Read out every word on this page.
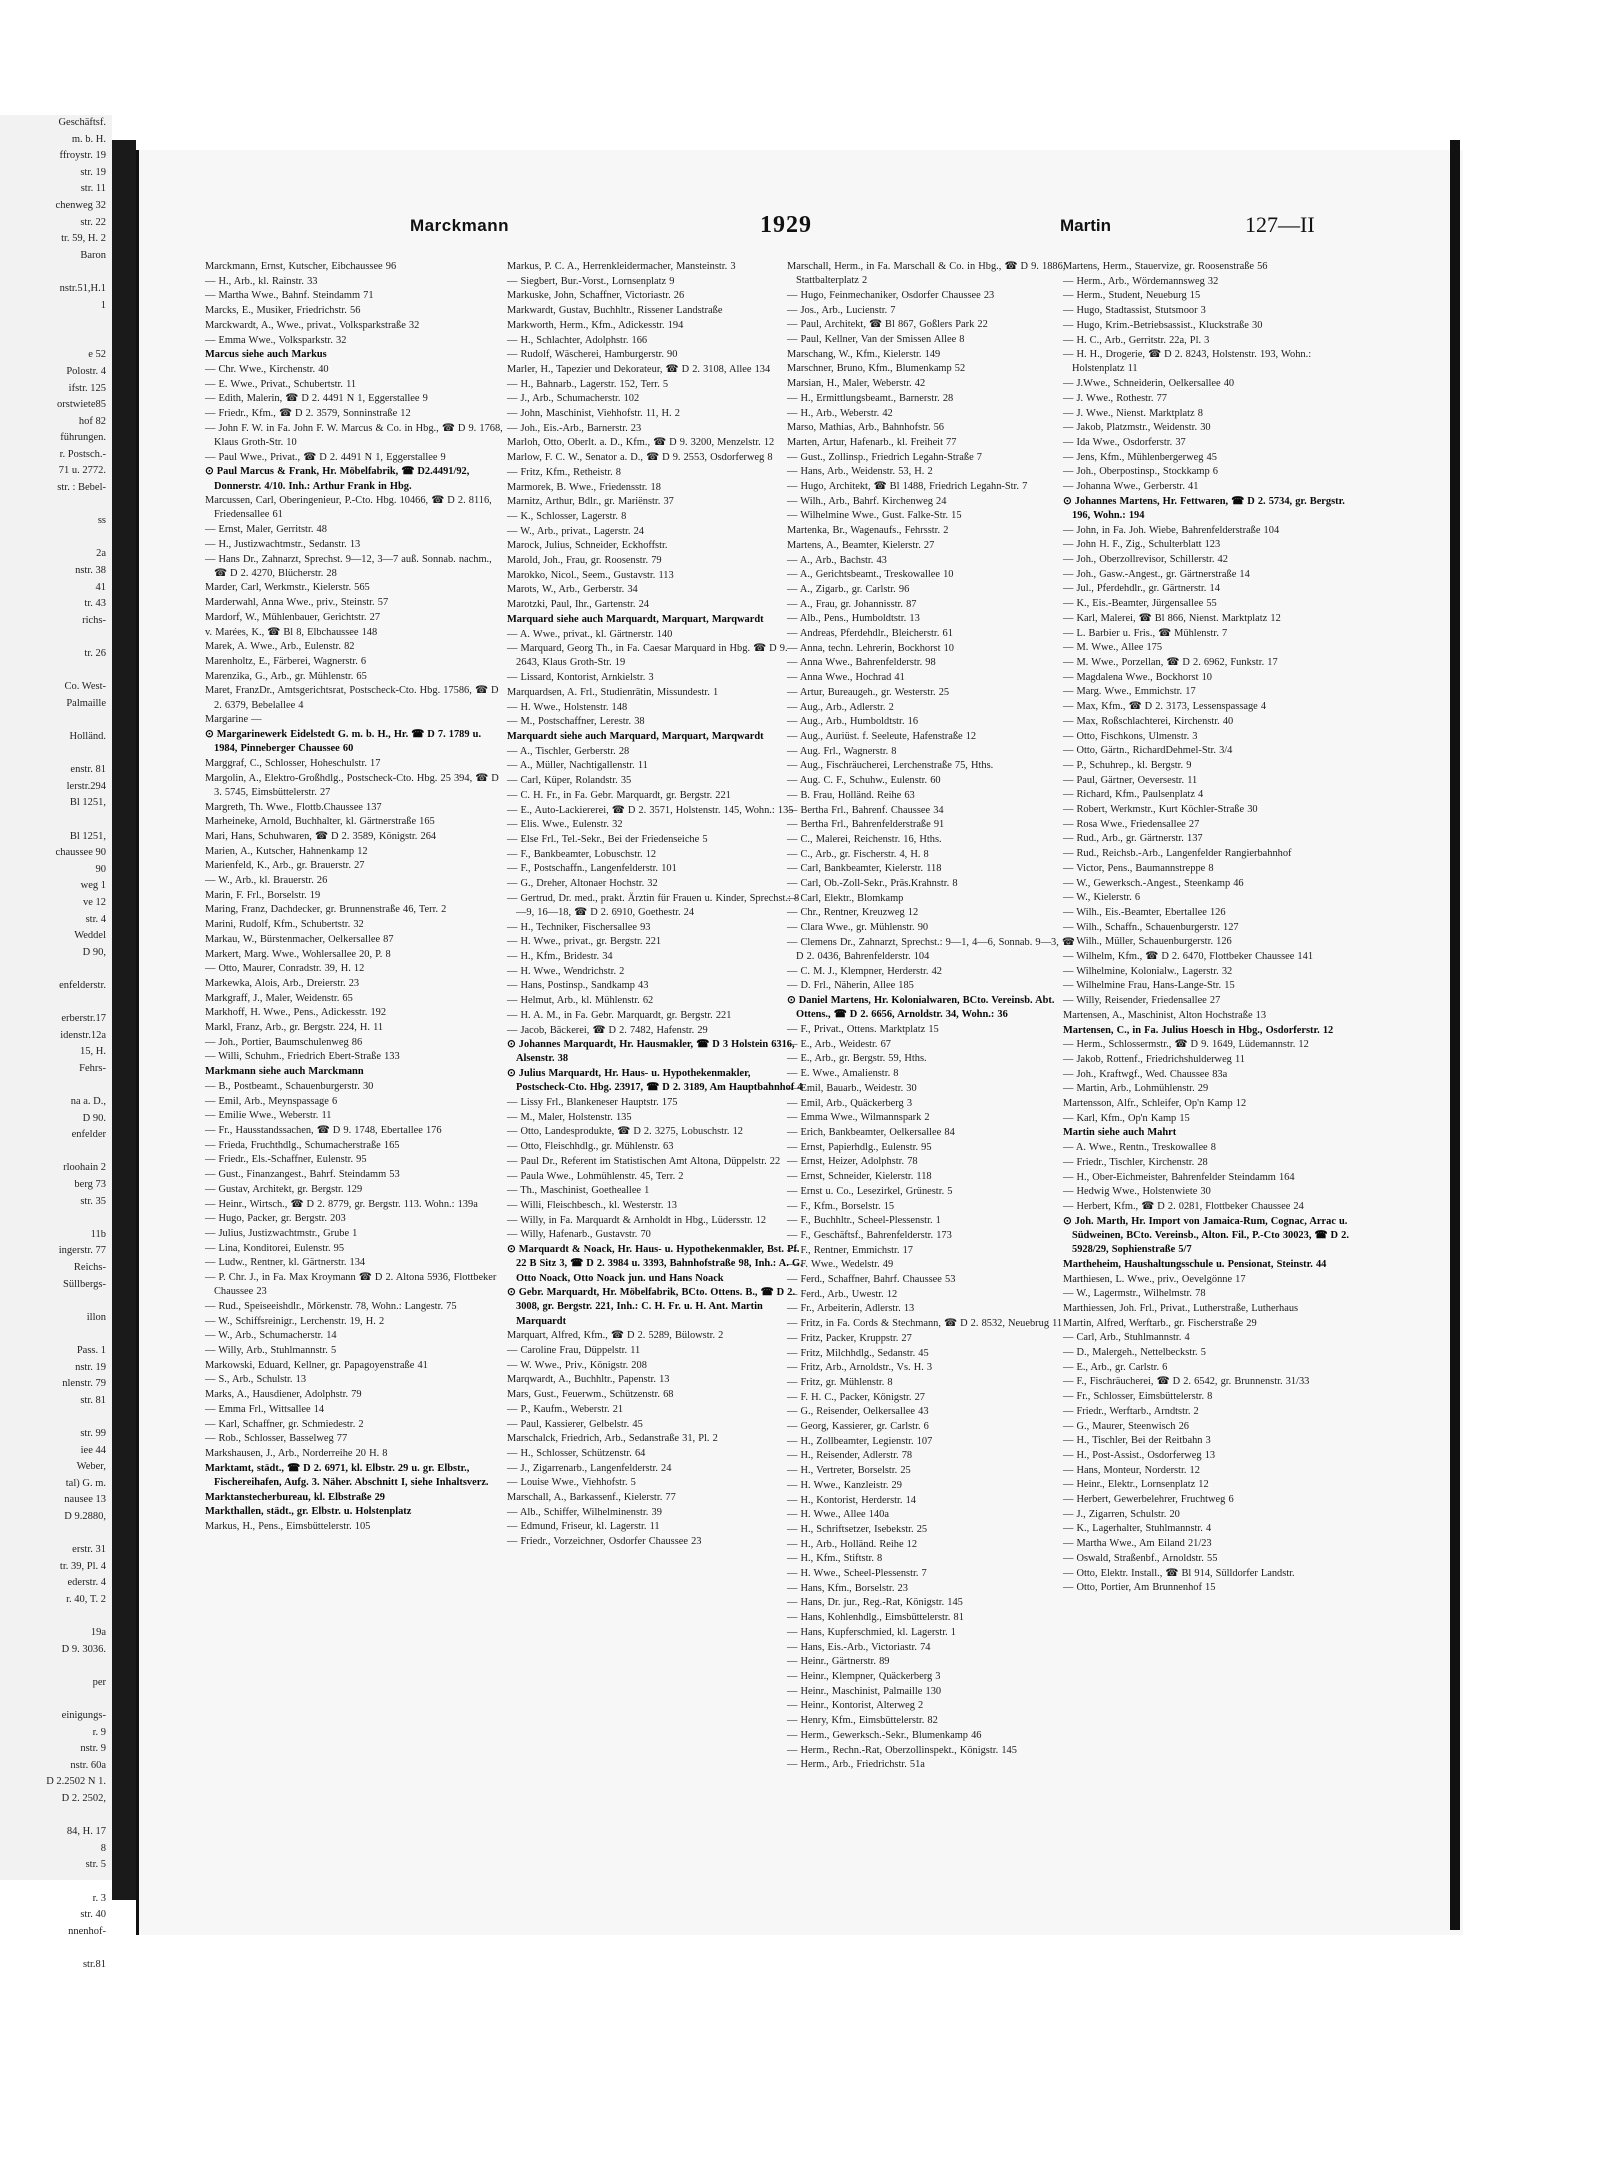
Geschäftsf.
m. b. H.
ffroystr. 19
str. 19
str. 11
chenweg 32
str. 22
tr. 59, H. 2
Baron

nstr.51,H.1
1

e 52
Polostr. 4
ifstr. 125
orstwiete85
hof 82
führungen.
r. Postsch.-
71 u. 2772.
str. : Bebel-

ss

2a
nstr. 38
41
tr. 43
richs-

tr. 26

Co. West-
Palmaille

Holländ.

enstr. 81
lerstr.294
Bl 1251,

Bl 1251,
chaussee 90
90
weg 1
ve 12
str. 4
Weddel
D 90,

enfelderstr.

erberstr.17
idenstr.12a
15, H.
Fehrs-

na a. D.,
D 90.
enfelder

rloohain 2
berg 73
str. 35

11b
ingerstr. 77
Reichs-
Süllbergs-

illon

Pass. 1
nstr. 19
nlenstr. 79
str. 81

str. 99
iee 44
Weber,
tal) G. m.
nausee 13
D 9.2880,

erstr. 31
tr. 39, Pl. 4
ederstr. 4
r. 40, T. 2

19a
D 9. 3036.

per

einigungs-
r. 9
nstr. 9
nstr. 60a
D 2.2502 N 1.
D 2. 2502,

84, H. 17
8
str. 5

r. 3
str. 40
nnenhof-

str.81
Marckmann	1929	Martin	127—II
Marckmann, Ernst, Kutscher, Eibchaussee 96
— H., Arb., kl. Rainstr. 33
— Martha Wwe., Bahnf. Steindamm 71
Marcks, E., Musiker, Friedrichstr. 56
Marckwardt, A., Wwe., privat., Volksparkstraße 32
— Emma Wwe., Volksparkstr. 32
Marcus siehe auch Markus
— Chr. Wwe., Kirchenstr. 40
— E. Wwe., Privat., Schubertstr. 11
— Edith, Malerin, ☎ D 2. 4491 N 1, Eggerstallee 9
— Friedr., Kfm., ☎ D 2. 3579, Sonninstraße 12
— John F. W. in Fa. John F. W. Marcus & Co. in Hbg., ☎ D 9. 1768, Klaus Groth-Str. 10
— Paul Wwe., Privat., ☎ D 2. 4491 N 1, Eggerstallee 9
⊙ Paul Marcus & Frank, Hr. Möbelfabrik, ☎ D2.4491/92, Donnerstr. 4/10. Inh.: Arthur Frank in Hbg.
Marcussen, Carl, Oberingenieur, P.-Cto. Hbg. 10466, ☎ D 2. 8116, Friedensallee 61
— Ernst, Maler, Gerritstr. 48
— H., Justizwachtmstr., Sedanstr. 13
— Hans Dr., Zahnarzt, Sprechst. 9—12, 3—7 auß. Sonnab. nachm., ☎ D 2. 4270, Blücherstr. 28
Marder, Carl, Werkmstr., Kielerstr. 565
Marderwahl, Anna Wwe., priv., Steinstr. 57
Mardorf, W., Mühlenbauer, Gerichtstr. 27
v. Marées, K., ☎ Bl 8, Elbchaussee 148
Marek, A. Wwe., Arb., Eulenstr. 82
Marenholtz, E., Färberei, Wagnerstr. 6
Marenzika, G., Arb., gr. Mühlenstr. 65
Maret, FranzDr., Amtsgerichtsrat, Postscheck-Cto. Hbg. 17586, ☎ D 2. 6379, Bebelallee 4
Margarine —
⊙ Margarinewerk Eidelstedt G. m. b. H., Hr. ☎ D 7. 1789 u. 1984, Pinneberger Chaussee 60
Marggraf, C., Schlosser, Hoheschulstr. 17
Margolin, A., Elektro-Großhdlg., Postscheck-Cto. Hbg. 25 394, ☎ D 3. 5745, Eimsbüttelerstr. 27
Margreth, Th. Wwe., Flottb.Chaussee 137
Marheineke, Arnold, Buchhalter, kl. Gärtnerstraße 165
Mari, Hans, Schuhwaren, ☎ D 2. 3589, Königstr. 264
Marien, A., Kutscher, Hahnenkamp 12
Marienfeld, K., Arb., gr. Brauerstr. 27
— W., Arb., kl. Brauerstr. 26
Marin, F. Frl., Borselstr. 19
Maring, Franz, Dachdecker, gr. Brunnenstraße 46, Terr. 2
Marini, Rudolf, Kfm., Schubertstr. 32
Markau, W., Bürstenmacher, Oelkersallee 87
Markert, Marg. Wwe., Wohlersallee 20, P. 8
— Otto, Maurer, Conradstr. 39, H. 12
Markewka, Alois, Arb., Dreierstr. 23
Markgraff, J., Maler, Weidenstr. 65
Markhoff, H. Wwe., Pens., Adickesstr. 192
Markl, Franz, Arb., gr. Bergstr. 224, H. 11
— Joh., Portier, Baumschulenweg 86
— Willi, Schuhm., Friedrich Ebert-Straße 133
Markmann siehe auch Marckmann
— B., Postbeamt., Schauenburgerstr. 30
— Emil, Arb., Meynspassage 6
— Emilie Wwe., Weberstr. 11
— Fr., Hausstandssachen, ☎ D 9. 1748, Ebertallee 176
— Frieda, Fruchthdlg., Schumacherstraße 165
— Friedr., Els.-Schaffner, Eulenstr. 95
— Gust., Finanzangest., Bahrf. Steindamm 53
— Gustav, Architekt, gr. Bergstr. 129
— Heinr., Wirtsch., ☎ D 2. 8779, gr. Bergstr. 113. Wohn.: 139a
— Hugo, Packer, gr. Bergstr. 203
— Julius, Justizwachtmstr., Grube 1
— Lina, Konditorei, Eulenstr. 95
— Ludw., Rentner, kl. Gärtnerstr. 134
— P. Chr. J., in Fa. Max Kroymann ☎ D 2. Altona 5936, Flottbeker Chaussee 23
— Rud., Speiseeishdlr., Mörkenstr. 78, Wohn.: Langestr. 75
— W., Schiffsreinigr., Lerchenstr. 19, H. 2
— W., Arb., Schumacherstr. 14
— Willy, Arb., Stuhlmannstr. 5
Markowski, Eduard, Kellner, gr. Papagoyenstraße 41
— S., Arb., Schulstr. 13
Marks, A., Hausdiener, Adolphstr. 79
— Emma Frl., Wittsallee 14
— Karl, Schaffner, gr. Schmiedestr. 2
— Rob., Schlosser, Basselweg 77
Markshausen, J., Arb., Norderreihe 20 H. 8
Marktamt, städt., ☎ D 2. 6971, kl. Elbstr. 29 u. gr. Elbstr., Fischereihafen, Aufg. 3. Näher. Abschnitt I, siehe Inhaltsverz.
Marktanstecherbureau, kl. Elbstraße 29
Markthallen, städt., gr. Elbstr. u. Holstenplatz
Markus, H., Pens., Eimsbüttelerstr. 105
Markus, P. C. A., Herrenkleidermacher, Mansteinstr. 3
— Siegbert, Bur.-Vorst., Lornsenplatz 9
Markuske, John, Schaffner, Victoriastr. 26
Markwardt, Gustav, Buchhltr., Rissener Landstraße
Markworth, Herm., Kfm., Adickesstr. 194
— H., Schlachter, Adolphstr. 166
— Rudolf, Wäscherei, Hamburgerstr. 90
Marler, H., Tapezier und Dekorateur, ☎ D 2. 3108, Allee 134
— H., Bahnarb., Lagerstr. 152, Terr. 5
— J., Arb., Schumacherstr. 102
— John, Maschinist, Viehhofstr. 11, H. 2
— Joh., Eis.-Arb., Barnerstr. 23
Marloh, Otto, Oberlt. a. D., Kfm., ☎ D 9. 3200, Menzelstr. 12
Marlow, F. C. W., Senator a. D., ☎ D 9. 2553, Osdorferweg 8
— Fritz, Kfm., Retheistr. 8
Marmorek, B. Wwe., Friedensstr. 18
Marnitz, Arthur, Bdlr., gr. Mariënstr. 37
— K., Schlosser, Lagerstr. 8
— W., Arb., privat., Lagerstr. 24
Marock, Julius, Schneider, Eckhoffstr.
Marold, Joh., Frau, gr. Roosenstr. 79
Marokko, Nicol., Seem., Gustavstr. 113
Marots, W., Arb., Gerberstr. 34
Marotzki, Paul, Ihr., Gartenstr. 24
Marquard siehe auch Marquardt, Marquart, Marqwardt
— A. Wwe., privat., kl. Gärtnerstr. 140
— Marquard, Georg Th., in Fa. Caesar Marquard in Hbg. ☎ D 9. 2643, Klaus Groth-Str. 19
— Lissard, Kontorist, Arnkielstr. 3
Marquardsen, A. Frl., Studienrätin, Missundestr. 1
— H. Wwe., Holstenstr. 148
— M., Postschaffner, Lerestr. 38
Marquardt siehe auch Marquard, Marquart, Marqwardt
— A., Tischler, Gerberstr. 28
— A., Müller, Nachtigallenstr. 11
— Carl, Küper, Rolandstr. 35
— C. H. Fr., in Fa. Gebr. Marquardt, gr. Bergstr. 221
— E., Auto-Lackiererei, ☎ D 2. 3571, Holstenstr. 145, Wohn.: 135
— Elis. Wwe., Eulenstr. 32
— Else Frl., Tel.-Sekr., Bei der Friedenseiche 5
— F., Bankbeamter, Lobuschstr. 12
— F., Postschaffn., Langenfelderstr. 101
— G., Dreher, Altonaer Hochstr. 32
— Gertrud, Dr. med., prakt. Ärztin für Frauen u. Kinder, Sprechst.: 8—9, 16—18, ☎ D 2. 6910, Goethestr. 24
— H., Techniker, Fischersallee 93
— H. Wwe., privat., gr. Bergstr. 221
— H., Kfm., Bridestr. 34
— H. Wwe., Wendrichstr. 2
— Hans, Postinsp., Sandkamp 43
— Helmut, Arb., kl. Mühlenstr. 62
— H. A. M., in Fa. Gebr. Marquardt, gr. Bergstr. 221
— Jacob, Bäckerei, ☎ D 2. 7482, Hafenstr. 29
⊙ Johannes Marquardt, Hr. Hausmakler, ☎ D 3 Holstein 6316, Alsenstr. 38
⊙ Julius Marquardt, Hr. Haus- u. Hypothekenmakler, Postscheck-Cto. Hbg. 23917, ☎ D 2. 3189, Am Hauptbahnhof 4
— Lissy Frl., Blankeneser Hauptstr. 175
— M., Maler, Holstenstr. 135
— Otto, Landesprodukte, ☎ D 2. 3275, Lobuschstr. 12
— Otto, Fleischhdlg., gr. Mühlenstr. 63
— Paul Dr., Referent im Statistischen Amt Altona, Düppelstr. 22
— Paula Wwe., Lohmühlenstr. 45, Terr. 2
— Th., Maschinist, Goetheallee 1
— Willi, Fleischbesch., kl. Westerstr. 13
— Willy, in Fa. Marquardt & Arnholdt in Hbg., Lüdersstr. 12
— Willy, Hafenarb., Gustavstr. 70
⊙ Marquardt & Noack, Hr. Haus- u. Hypothekenmakler, Bst. Pf. 22 B Sitz 3, ☎ D 2. 3984 u. 3393, Bahnhofstraße 98, Inh.: A. G. Otto Noack, Otto Noack jun. und Hans Noack
⊙ Gebr. Marquardt, Hr. Möbelfabrik, BCto. Ottens. B., ☎ D 2. 3008, gr. Bergstr. 221, Inh.: C. H. Fr. u. H. Ant. Martin Marquardt
Marquart, Alfred, Kfm., ☎ D 2. 5289, Bülowstr. 2
— Caroline Frau, Düppelstr. 11
— W. Wwe., Priv., Königstr. 208
Marqwardt, A., Buchhltr., Papenstr. 13
Mars, Gust., Feuerwm., Schützenstr. 68
— P., Kaufm., Weberstr. 21
— Paul, Kassierer, Gelbelstr. 45
Marschalck, Friedrich, Arb., Sedanstraße 31, Pl. 2
— H., Schlosser, Schützenstr. 64
— J., Zigarrenarb., Langenfelderstr. 24
— Louise Wwe., Viehhofstr. 5
Marschall, A., Barkassenf., Kielerstr. 77
— Alb., Schiffer, Wilhelminenstr. 39
— Edmund, Friseur, kl. Lagerstr. 11
— Friedr., Vorzeichner, Osdorfer Chaussee 23
Marschall, Herm., in Fa. Marschall & Co. in Hbg., ☎ D 9. 1886, Stattbalterplatz 2
— Hugo, Feinmechaniker, Osdorfer Chaussee 23
— Jos., Arb., Lucienstr. 7
— Paul, Architekt, ☎ Bl 867, Goßlers Park 22
— Paul, Kellner, Van der Smissen Allee 8
Marschang, W., Kfm., Kielerstr. 149
Marschner, Bruno, Kfm., Blumenkamp 52
Marsian, H., Maler, Weberstr. 42
— H., Ermittlungsbeamt., Barnerstr. 28
— H., Arb., Weberstr. 42
Marso, Mathias, Arb., Bahnhofstr. 56
Marten, Artur, Hafenarb., kl. Freiheit 77
— Gust., Zollinsp., Friedrich Legahn-Straße 7
— Hans, Arb., Weidenstr. 53, H. 2
— Hugo, Architekt, ☎ Bl 1488, Friedrich Legahn-Str. 7
— Wilh., Arb., Bahrf. Kirchenweg 24
— Wilhelmine Wwe., Gust. Falke-Str. 15
Martenka, Br., Wagenaufs., Fehrsstr. 2
Martens, A., Beamter, Kielerstr. 27
— A., Arb., Bachstr. 43
— A., Gerichtsbeamt., Treskowallee 10
— A., Zigarb., gr. Carlstr. 96
— A., Frau, gr. Johannisstr. 87
— Alb., Pens., Humboldtstr. 13
— Andreas, Pferdehdlr., Bleicherstr. 61
— Anna, techn. Lehrerin, Bockhorst 10
— Anna Wwe., Bahrenfelderstr. 98
— Anna Wwe., Hochrad 41
— Artur, Bureaugeh., gr. Westerstr. 25
— Aug., Arb., Adlerstr. 2
— Aug., Arb., Humboldtstr. 16
— Aug., Auriüst. f. Seeleute, Hafenstraße 12
— Aug. Frl., Wagnerstr. 8
— Aug., Fischräucherei, Lerchenstraße 75, Hths.
— Aug. C. F., Schuhw., Eulenstr. 60
— B. Frau, Holländ. Reihe 63
— Bertha Frl., Bahrenf. Chaussee 34
— Bertha Frl., Bahrenfelderstraße 91
— C., Malerei, Reichenstr. 16, Hths.
— C., Arb., gr. Fischerstr. 4, H. 8
— Carl, Bankbeamter, Kielerstr. 118
— Carl, Ob.-Zoll-Sekr., Präs.Krahnstr. 8
— Carl, Elektr., Blomkamp
— Chr., Rentner, Kreuzweg 12
— Clara Wwe., gr. Mühlenstr. 90
— Clemens Dr., Zahnarzt, Sprechst.: 9—1, 4—6, Sonnab. 9—3, ☎ D 2. 0436, Bahrenfelderstr. 104
— C. M. J., Klempner, Herderstr. 42
— D. Frl., Näherin, Allee 185
⊙ Daniel Martens, Hr. Kolonialwaren, BCto. Vereinsb. Abt. Ottens., ☎ D 2. 6656, Arnoldstr. 34, Wohn.: 36
— F., Privat., Ottens. Marktplatz 15
— E., Arb., Weidestr. 67
— E., Arb., gr. Bergstr. 59, Hths.
— E. Wwe., Amalienstr. 8
— Emil, Bauarb., Weidestr. 30
— Emil, Arb., Quäckerberg 3
— Emma Wwe., Wilmannspark 2
— Erich, Bankbeamter, Oelkersallee 84
— Ernst, Papierhdlg., Eulenstr. 95
— Ernst, Heizer, Adolphstr. 78
— Ernst, Schneider, Kielerstr. 118
— Ernst u. Co., Lesezirkel, Grünestr. 5
— F., Kfm., Borselstr. 15
— F., Buchhltr., Scheel-Plessenstr. 1
— F., Geschäftsf., Bahrenfelderstr. 173
— F., Rentner, Emmichstr. 17
— F. Wwe., Wedelstr. 49
— Ferd., Schaffner, Bahrf. Chaussee 53
— Ferd., Arb., Uwestr. 12
— Fr., Arbeiterin, Adlerstr. 13
— Fritz, in Fa. Cords & Stechmann, ☎ D 2. 8532, Neuebrug 11
— Fritz, Packer, Kruppstr. 27
— Fritz, Milchhdlg., Sedanstr. 45
— Fritz, Arb., Arnoldstr., Vs. H. 3
— Fritz, gr. Mühlenstr. 8
— F. H. C., Packer, Königstr. 27
— G., Reisender, Oelkersallee 43
— Georg, Kassierer, gr. Carlstr. 6
— H., Zollbeamter, Legienstr. 107
— H., Reisender, Adlerstr. 78
— H., Vertreter, Borselstr. 25
— H. Wwe., Kanzleistr. 29
— H., Kontorist, Herderstr. 14
— H. Wwe., Allee 140a
— H., Schriftsetzer, Isebekstr. 25
— H., Arb., Holländ. Reihe 12
— H., Kfm., Stiftstr. 8
— H. Wwe., Scheel-Plessenstr. 7
— Hans, Kfm., Borselstr. 23
— Hans, Dr. jur., Reg.-Rat, Königstr. 145
— Hans, Kohlenhdlg., Eimsbüttelerstr. 81
— Hans, Kupferschmied, kl. Lagerstr. 1
— Hans, Eis.-Arb., Victoriastr. 74
— Heinr., Gärtnerstr. 89
— Heinr., Klempner, Quäckerberg 3
— Heinr., Maschinist, Palmaille 130
— Heinr., Kontorist, Alterweg 2
— Henry, Kfm., Eimsbüttelerstr. 82
— Herm., Gewerksch.-Sekr., Blumenkamp 46
— Herm., Rechn.-Rat, Oberzollinspekt., Königstr. 145
— Herm., Arb., Friedrichstr. 51a
Martens, Herm., Stauervize, gr. Roosenstraße 56
— Herm., Arb., Wördemannsweg 32
— Herm., Student, Neueburg 15
— Hugo, Stadtassist, Stutsmoor 3
— Hugo, Krim.-Betriebsassist., Kluckstraße 30
— H. C., Arb., Gerritstr. 22a, Pl. 3
— H. H., Drogerie, ☎ D 2. 8243, Holstenstr. 193, Wohn.: Holstenplatz 11
— J.Wwe., Schneiderin, Oelkersallee 40
— J. Wwe., Rothestr. 77
— J. Wwe., Nienst. Marktplatz 8
— Jakob, Platzmstr., Weidenstr. 30
— Ida Wwe., Osdorferstr. 37
— Jens, Kfm., Mühlenbergerweg 45
— Joh., Oberpostinsp., Stockkamp 6
— Johanna Wwe., Gerberstr. 41
⊙ Johannes Martens, Hr. Fettwaren, ☎ D 2. 5734, gr. Bergstr. 196, Wohn.: 194
— John, in Fa. Joh. Wiebe, Bahrenfelderstraße 104
— John H. F., Zig., Schulterblatt 123
— Joh., Oberzollrevisor, Schillerstr. 42
— Joh., Gasw.-Angest., gr. Gärtnerstraße 14
— Jul., Pferdehdlr., gr. Gärtnerstr. 14
— K., Eis.-Beamter, Jürgensallee 55
— Karl, Malerei, ☎ Bl 866, Nienst. Marktplatz 12
— L. Barbier u. Fris., ☎ Mühlenstr. 7
— M. Wwe., Allee 175
— M. Wwe., Porzellan, ☎ D 2. 6962, Funkstr. 17
— Magdalena Wwe., Bockhorst 10
— Marg. Wwe., Emmichstr. 17
— Max, Kfm., ☎ D 2. 3173, Lessenspassage 4
— Max, Roßschlachterei, Kirchenstr. 40
— Otto, Fischkons, Ulmenstr. 3
— Otto, Gärtn., RichardDehmel-Str. 3/4
— P., Schuhrep., kl. Bergstr. 9
— Paul, Gärtner, Oeversestr. 11
— Richard, Kfm., Paulsenplatz 4
— Robert, Werkmstr., Kurt Köchler-Straße 30
— Rosa Wwe., Friedensallee 27
— Rud., Arb., gr. Gärtnerstr. 137
— Rud., Reichsb.-Arb., Langenfelder Rangierbahnhof
— Victor, Pens., Baumannstreppe 8
— W., Gewerksch.-Angest., Steenkamp 46
— W., Kielerstr. 6
— Wilh., Eis.-Beamter, Ebertallee 126
— Wilh., Schaffn., Schauenburgerstr. 127
— Wilh., Müller, Schauenburgerstr. 126
— Wilhelm, Kfm., ☎ D 2. 6470, Flottbeker Chaussee 141
— Wilhelmine, Kolonialw., Lagerstr. 32
— Wilhelmine Frau, Hans-Lange-Str. 15
— Willy, Reisender, Friedensallee 27
Martensen, A., Maschinist, Alton Hochstraße 13
Martensen, C., in Fa. Julius Hoesch in Hbg., Osdorferstr. 12
— Herm., Schlossermstr., ☎ D 9. 1649, Lüdemannstr. 12
— Jakob, Rottenf., Friedrichshulderweg 11
— Joh., Kraftwgf., Wed. Chaussee 83a
— Martin, Arb., Lohmühlenstr. 29
Martensson, Alfr., Schleifer, Op'n Kamp 12
— Karl, Kfm., Op'n Kamp 15
Martin siehe auch Mahrt
— A. Wwe., Rentn., Treskowallee 8
— Friedr., Tischler, Kirchenstr. 28
— H., Ober-Eichmeister, Bahrenfelder Steindamm 164
— Hedwig Wwe., Holstenwiete 30
— Herbert, Kfm., ☎ D 2. 0281, Flottbeker Chaussee 24
⊙ Joh. Marth, Hr. Import von Jamaica-Rum, Cognac, Arrac u. Südweinen, BCto. Vereinsb., Alton. Fil., P.-Cto 30023, ☎ D 2. 5928/29, Sophienstraße 5/7
Martheheim, Haushaltungsschule u. Pensionat, Steinstr. 44
Marthiesen, L. Wwe., priv., Oevelgönne 17
— W., Lagermstr., Wilhelmstr. 78
Marthiessen, Joh. Frl., Privat., Lutherstraße, Lutherhaus
Martin, Alfred, Werftarb., gr. Fischerstraße 29
— Carl, Arb., Stuhlmannstr. 4
— D., Malergeh., Nettelbeckstr. 5
— E., Arb., gr. Carlstr. 6
— F., Fischräucherei, ☎ D 2. 6542, gr. Brunnenstr. 31/33
— Fr., Schlosser, Eimsbüttelerstr. 8
— Friedr., Werftarb., Arndtstr. 2
— G., Maurer, Steenwisch 26
— H., Tischler, Bei der Reitbahn 3
— H., Post-Assist., Osdorferweg 13
— Hans, Monteur, Norderstr. 12
— Heinr., Elektr., Lornsenplatz 12
— Herbert, Gewerbelehrer, Fruchtweg 6
— J., Zigarren, Schulstr. 20
— K., Lagerhalter, Stuhlmannstr. 4
— Martha Wwe., Am Eiland 21/23
— Oswald, Straßenbf., Arnoldstr. 55
— Otto, Elektr. Install., ☎ Bl 914, Sülldorfer Landstr.
— Otto, Portier, Am Brunnenhof 15
